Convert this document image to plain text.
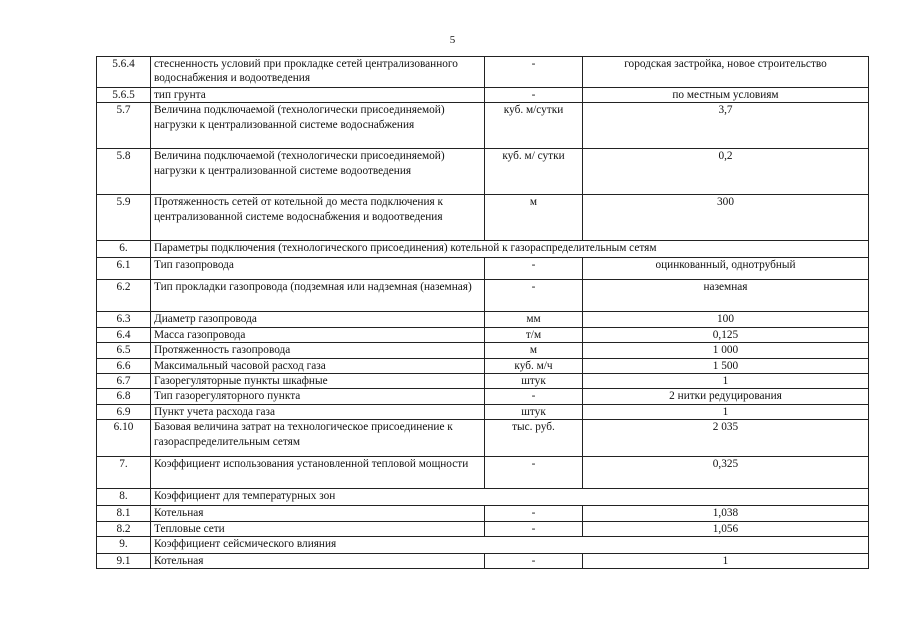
5
5.6.4	стесненность условий при прокладке сетей централизованного водоснабжения и водоотведения	-	городская застройка, новое строительство
5.6.5	тип грунта	-	по местным условиям
5.7	Величина подключаемой (технологически присоединяемой) нагрузки к централизованной системе водоснабжения	куб. м/сутки	3,7
5.8	Величина подключаемой (технологически присоединяемой) нагрузки к централизованной системе водоотведения	куб. м/ сутки	0,2
5.9	Протяженность сетей от котельной до места подключения к централизованной системе водоснабжения и водоотведения	м	300
6.	Параметры подключения (технологического присоединения) котельной к газораспределительным сетям		
6.1	Тип газопровода	-	оцинкованный, однотрубный
6.2	Тип прокладки газопровода (подземная или надземная (наземная)	-	наземная
6.3	Диаметр газопровода	мм	100
6.4	Масса газопровода	т/м	0,125
6.5	Протяженность газопровода	м	1 000
6.6	Максимальный часовой расход газа	куб. м/ч	1 500
6.7	Газорегуляторные пункты шкафные	штук	1
6.8	Тип газорегуляторного пункта	-	2 нитки редуцирования
6.9	Пункт учета расхода газа	штук	1
6.10	Базовая величина затрат на технологическое присоединение к газораспределительным сетям	тыс. руб.	2 035
7.	Коэффициент использования установленной тепловой мощности	-	0,325
8.	Коэффициент для температурных зон		
8.1	Котельная	-	1,038
8.2	Тепловые сети	-	1,056
9.	Коэффициент сейсмического влияния		
9.1	Котельная	-	1
